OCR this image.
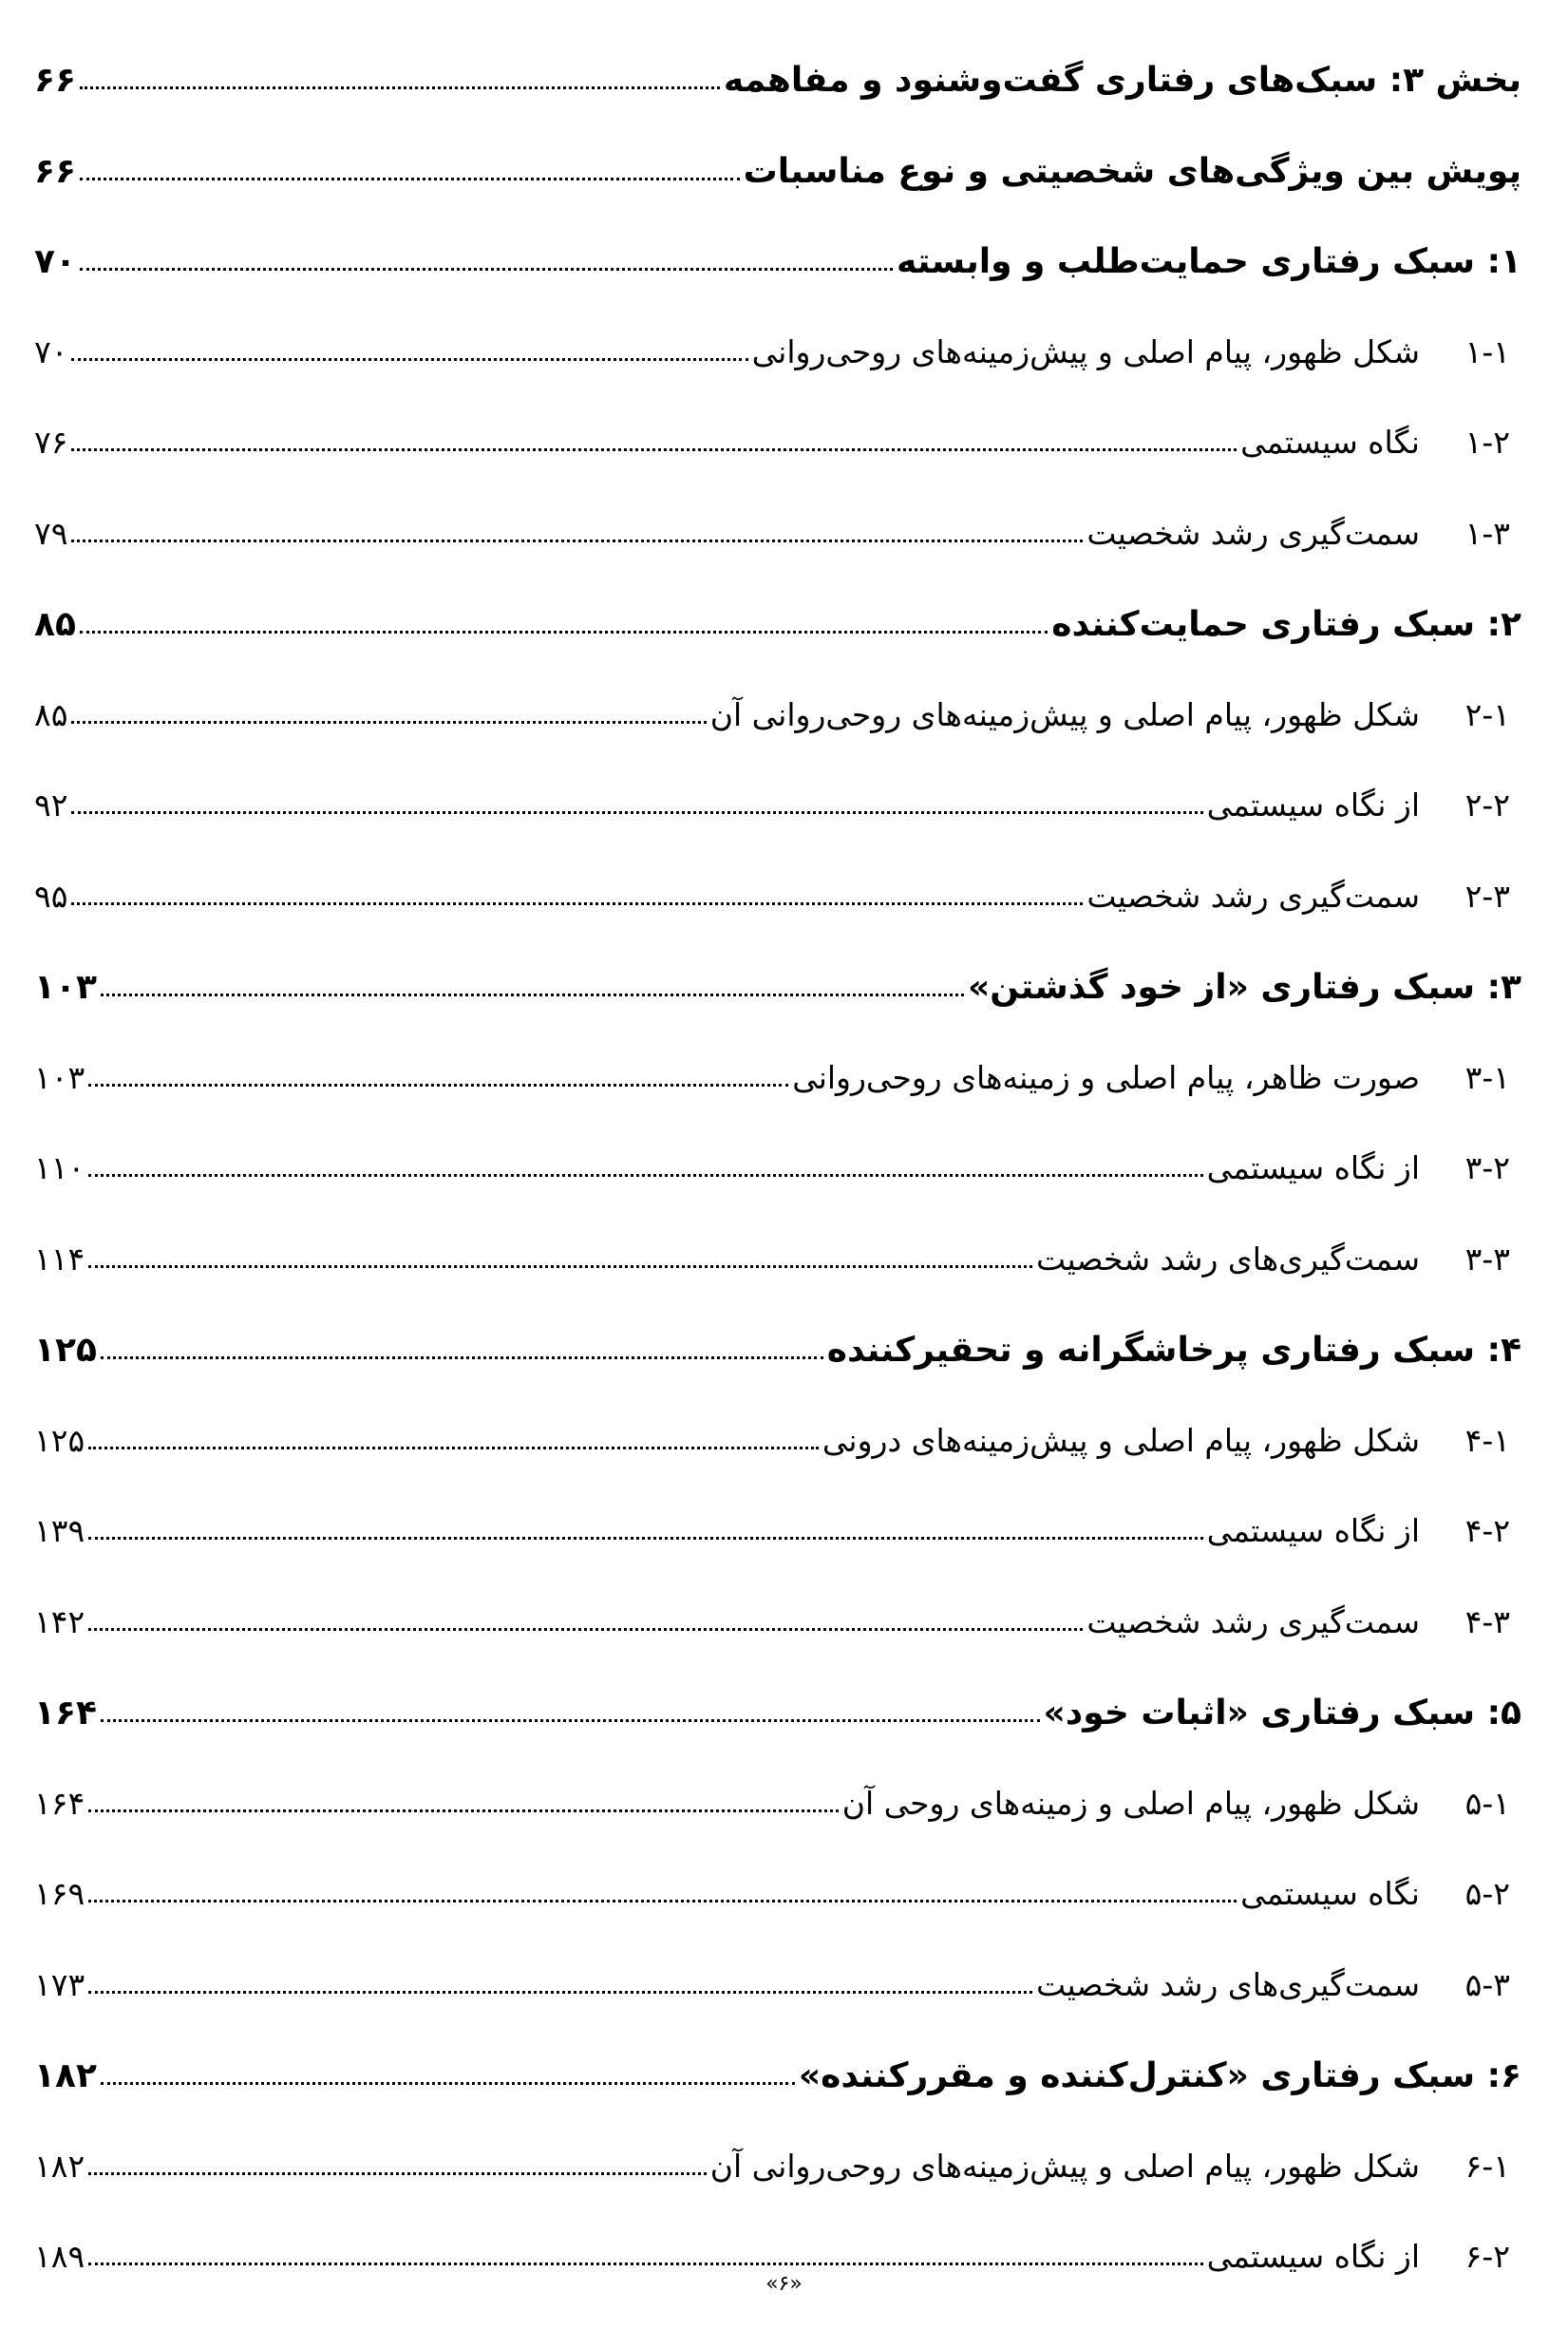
بخش ۳: سبک‌های رفتاری گفت‌وشنود و مفاهمه
۶۶
پویش بین ویژگی‌های شخصیتی و نوع مناسبات
۶۶
۱: سبک رفتاری حمایت‌طلب و وابسته
۷۰
۱-۱
شکل ظهور، پیام اصلی و پیش‌زمینه‌های روحی‌روانی
۷۰
۱-۲
نگاه سیستمی
۷۶
۱-۳
سمت‌گیری رشد شخصیت
۷۹
۲: سبک رفتاری حمایت‌کننده
۸۵
۲-۱
شکل ظهور، پیام اصلی و پیش‌زمینه‌های روحی‌روانی آن
۸۵
۲-۲
از نگاه سیستمی
۹۲
۲-۳
سمت‌گیری رشد شخصیت
۹۵
۳: سبک رفتاری «از خود گذشتن»
۱۰۳
۳-۱
صورت ظاهر، پیام اصلی و زمینه‌های روحی‌روانی
۱۰۳
۳-۲
از نگاه سیستمی
۱۱۰
۳-۳
سمت‌گیری‌های رشد شخصیت
۱۱۴
۴: سبک رفتاری پرخاشگرانه و تحقیرکننده
۱۲۵
۴-۱
شکل ظهور، پیام اصلی و پیش‌زمینه‌های درونی
۱۲۵
۴-۲
از نگاه سیستمی
۱۳۹
۴-۳
سمت‌گیری رشد شخصیت
۱۴۲
۵: سبک رفتاری «اثبات خود»
۱۶۴
۵-۱
شکل ظهور، پیام اصلی و زمینه‌های روحی آن
۱۶۴
۵-۲
نگاه سیستمی
۱۶۹
۵-۳
سمت‌گیری‌های رشد شخصیت
۱۷۳
۶: سبک رفتاری «کنترل‌کننده و مقررکننده»
۱۸۲
۶-۱
شکل ظهور، پیام اصلی و پیش‌زمینه‌های روحی‌روانی آن
۱۸۲
۶-۲
از نگاه سیستمی
۱۸۹
«۶»
